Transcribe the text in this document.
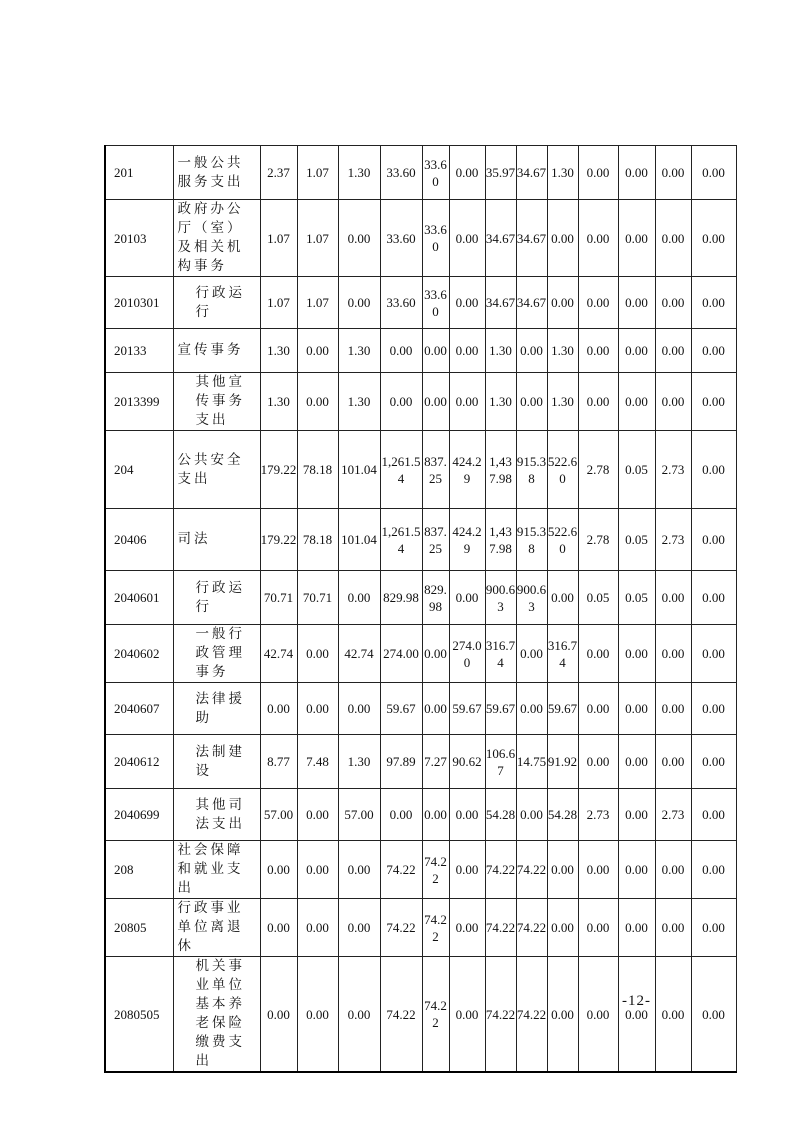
201	一般公共服务支出	2.37	1.07	1.30	33.60	33.60	0.00	35.97	34.67	1.30	0.00	0.00	0.00	0.00
20103	政府办公厅（室）及相关机构事务	1.07	1.07	0.00	33.60	33.60	0.00	34.67	34.67	0.00	0.00	0.00	0.00	0.00
2010301	行政运行	1.07	1.07	0.00	33.60	33.60	0.00	34.67	34.67	0.00	0.00	0.00	0.00	0.00
20133	宣传事务	1.30	0.00	1.30	0.00	0.00	0.00	1.30	0.00	1.30	0.00	0.00	0.00	0.00
2013399	其他宣传事务支出	1.30	0.00	1.30	0.00	0.00	0.00	1.30	0.00	1.30	0.00	0.00	0.00	0.00
204	公共安全支出	179.22	78.18	101.04	1,261.54	837.25	424.29	1,437.98	915.38	522.60	2.78	0.05	2.73	0.00
20406	司法	179.22	78.18	101.04	1,261.54	837.25	424.29	1,437.98	915.38	522.60	2.78	0.05	2.73	0.00
2040601	行政运行	70.71	70.71	0.00	829.98	829.98	0.00	900.63	900.63	0.00	0.05	0.05	0.00	0.00
2040602	一般行政管理事务	42.74	0.00	42.74	274.00	0.00	274.00	316.74	0.00	316.74	0.00	0.00	0.00	0.00
2040607	法律援助	0.00	0.00	0.00	59.67	0.00	59.67	59.67	0.00	59.67	0.00	0.00	0.00	0.00
2040612	法制建设	8.77	7.48	1.30	97.89	7.27	90.62	106.67	14.75	91.92	0.00	0.00	0.00	0.00
2040699	其他司法支出	57.00	0.00	57.00	0.00	0.00	0.00	54.28	0.00	54.28	2.73	0.00	2.73	0.00
208	社会保障和就业支出	0.00	0.00	0.00	74.22	74.22	0.00	74.22	74.22	0.00	0.00	0.00	0.00	0.00
20805	行政事业单位离退休	0.00	0.00	0.00	74.22	74.22	0.00	74.22	74.22	0.00	0.00	0.00	0.00	0.00
2080505	机关事业单位基本养老保险缴费支出	0.00	0.00	0.00	74.22	74.22	0.00	74.22	74.22	0.00	0.00	0.00	0.00	0.00
-12-
